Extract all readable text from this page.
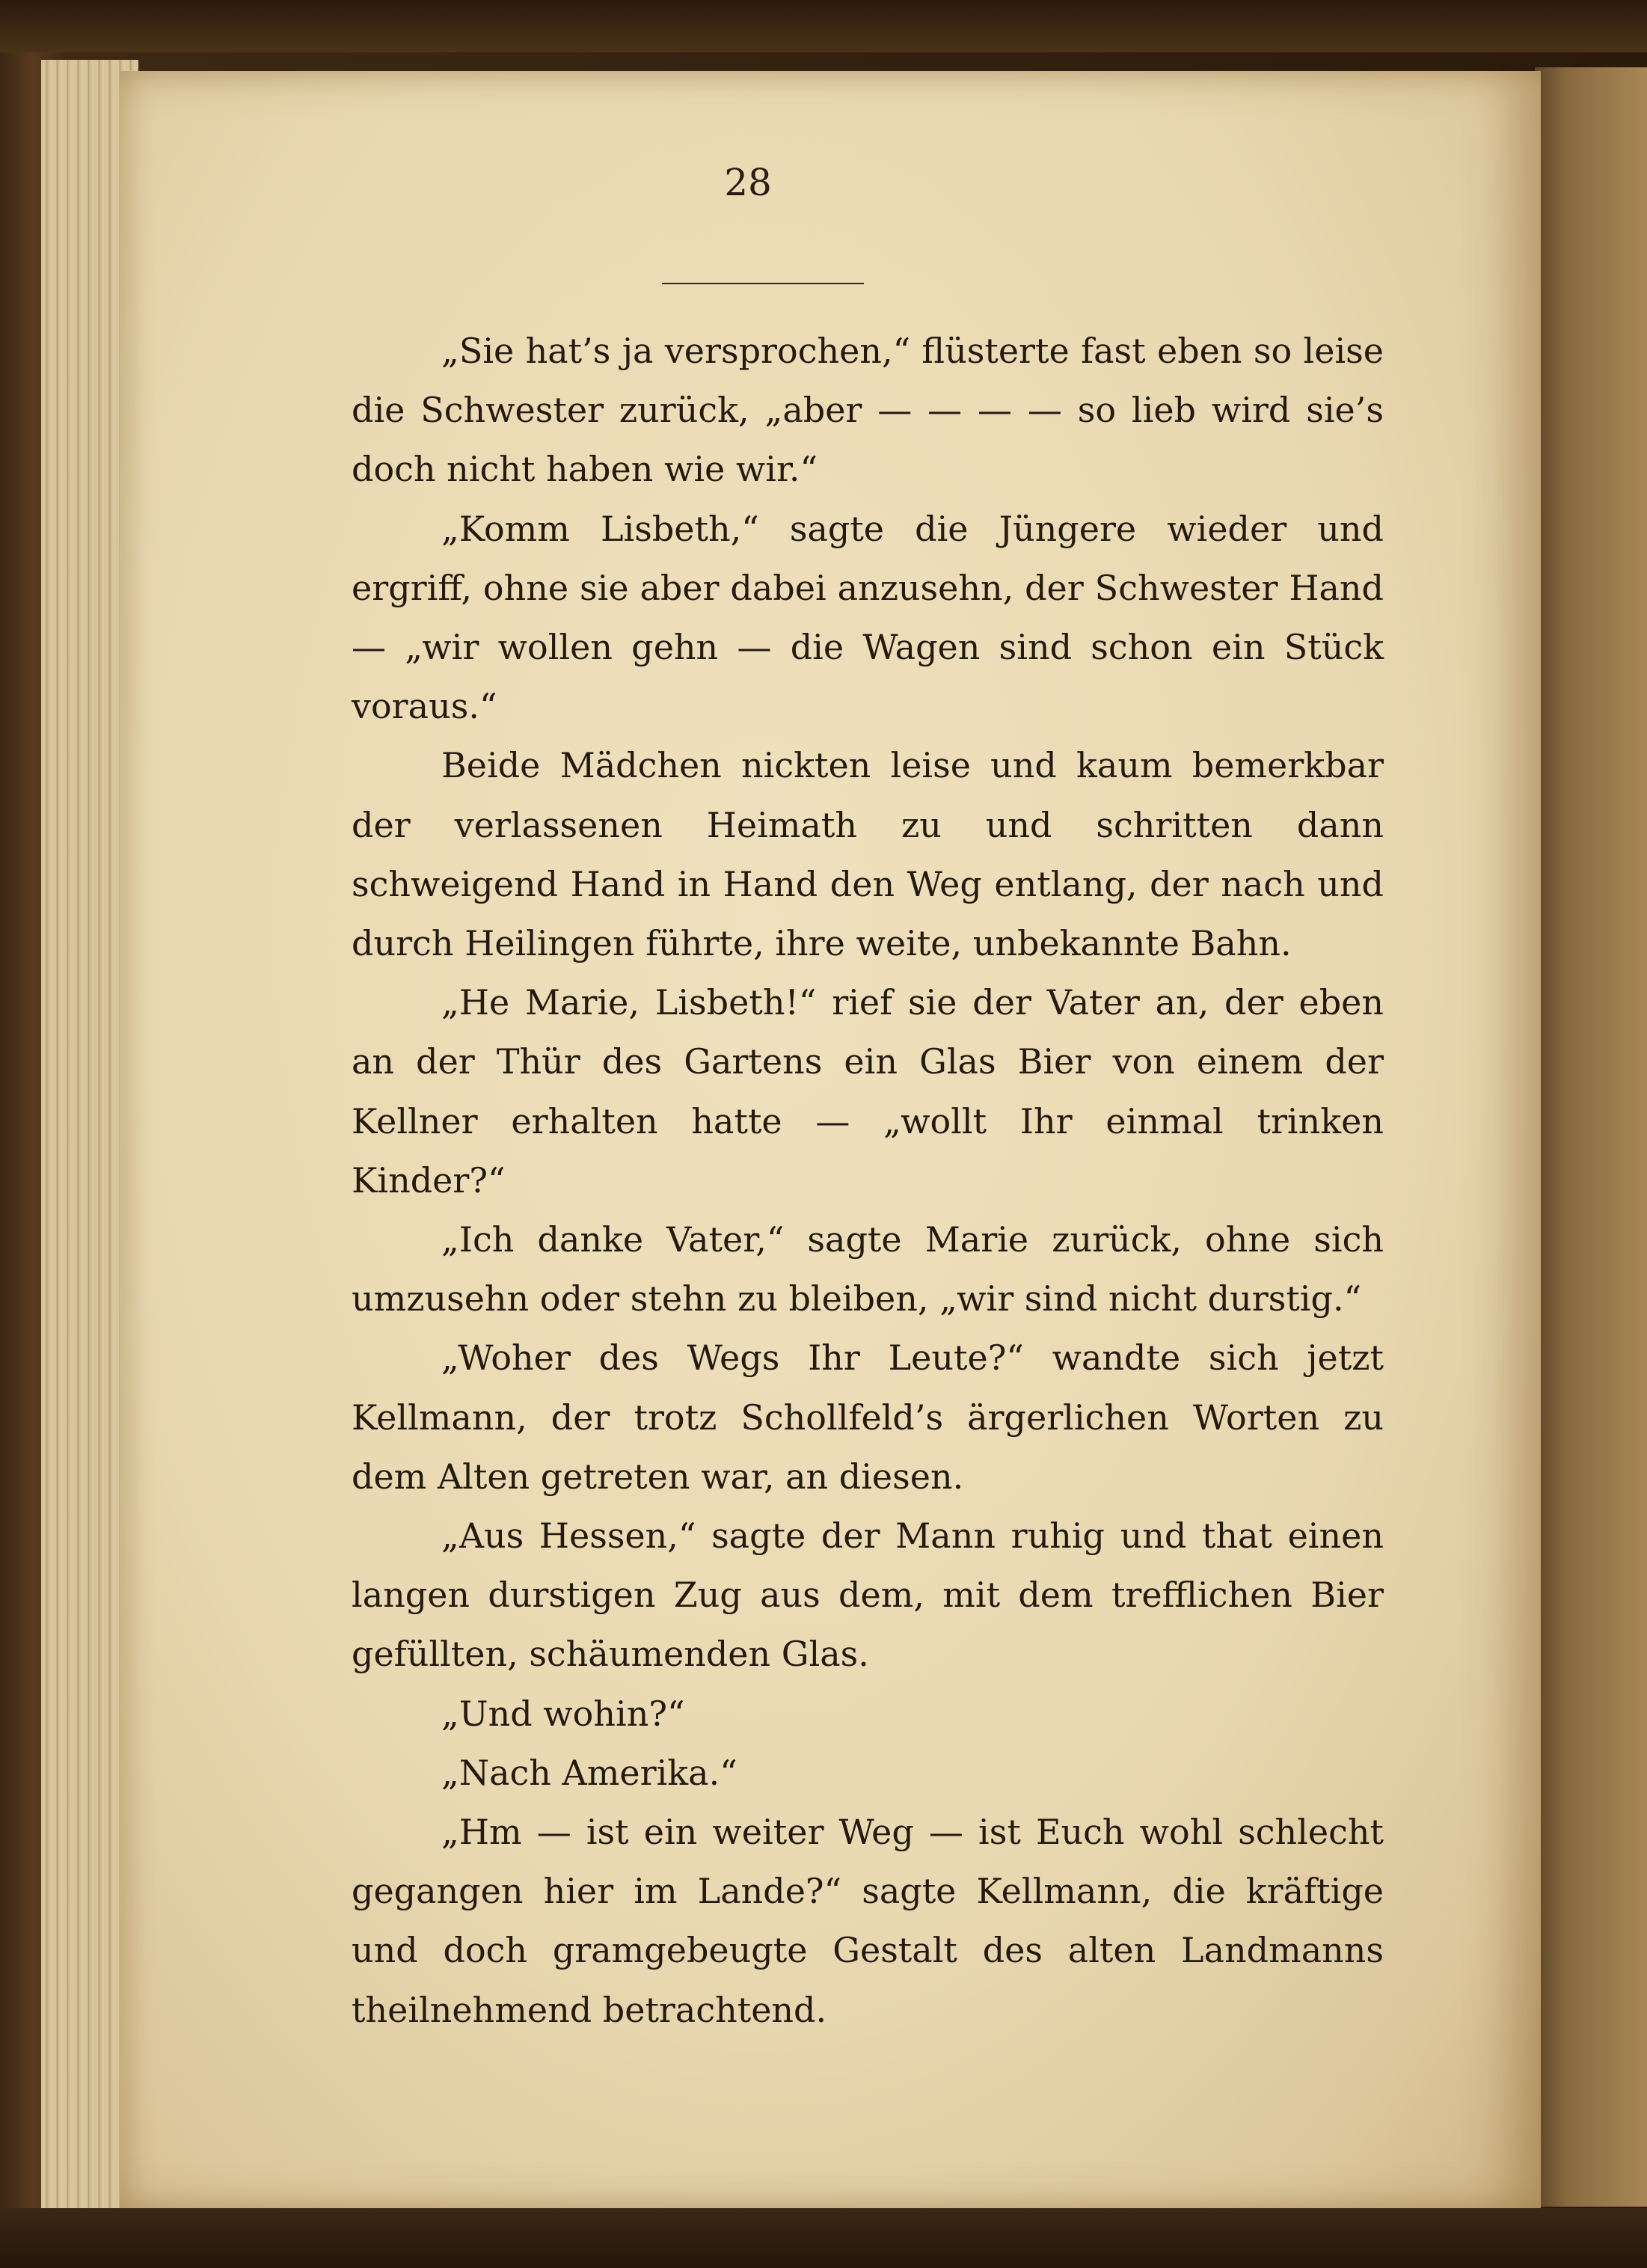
28

„Sie hat’s ja versprochen,“ flüsterte fast eben so leise die Schwester zurück, „aber — — — — so lieb wird sie’s doch nicht haben wie wir.“

„Komm Lisbeth,“ sagte die Jüngere wieder und ergriff, ohne sie aber dabei anzusehn, der Schwester Hand — „wir wollen gehn — die Wagen sind schon ein Stück voraus.“

Beide Mädchen nickten leise und kaum bemerkbar der verlassenen Heimath zu und schritten dann schweigend Hand in Hand den Weg entlang, der nach und durch Heilingen führte, ihre weite, unbekannte Bahn.

„He Marie, Lisbeth!“ rief sie der Vater an, der eben an der Thür des Gartens ein Glas Bier von einem der Kellner erhalten hatte — „wollt Ihr einmal trinken Kinder?“

„Ich danke Vater,“ sagte Marie zurück, ohne sich umzusehn oder stehn zu bleiben, „wir sind nicht durstig.“

„Woher des Wegs Ihr Leute?“ wandte sich jetzt Kellmann, der trotz Schollfeld’s ärgerlichen Worten zu dem Alten getreten war, an diesen.

„Aus Hessen,“ sagte der Mann ruhig und that einen langen durstigen Zug aus dem, mit dem trefflichen Bier gefüllten, schäumenden Glas.

„Und wohin?“

„Nach Amerika.“

„Hm — ist ein weiter Weg — ist Euch wohl schlecht gegangen hier im Lande?“ sagte Kellmann, die kräftige und doch gramgebeugte Gestalt des alten Landmanns theilnehmend betrachtend.
